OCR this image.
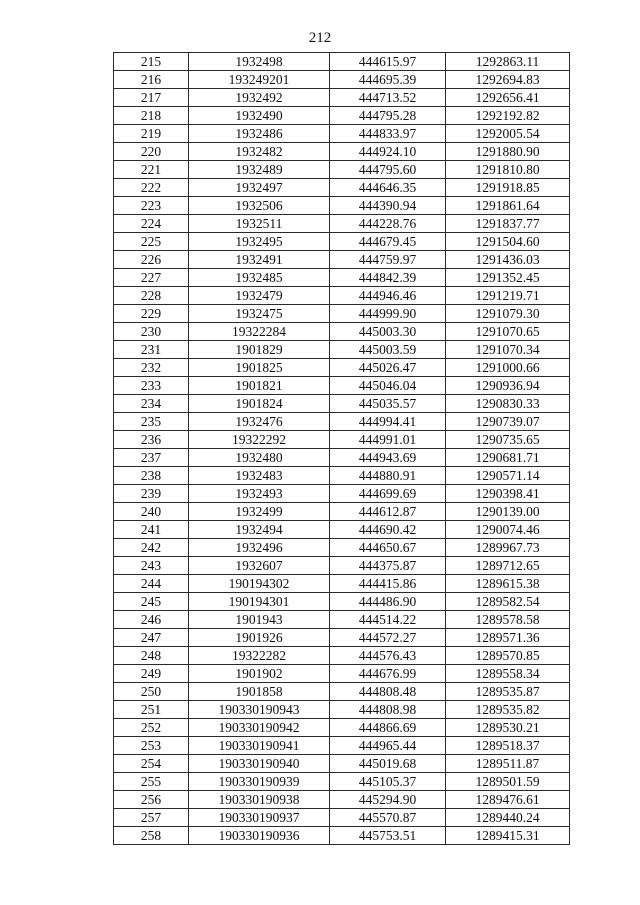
212
215	1932498	444615.97	1292863.11
216	193249201	444695.39	1292694.83
217	1932492	444713.52	1292656.41
218	1932490	444795.28	1292192.82
219	1932486	444833.97	1292005.54
220	1932482	444924.10	1291880.90
221	1932489	444795.60	1291810.80
222	1932497	444646.35	1291918.85
223	1932506	444390.94	1291861.64
224	1932511	444228.76	1291837.77
225	1932495	444679.45	1291504.60
226	1932491	444759.97	1291436.03
227	1932485	444842.39	1291352.45
228	1932479	444946.46	1291219.71
229	1932475	444999.90	1291079.30
230	19322284	445003.30	1291070.65
231	1901829	445003.59	1291070.34
232	1901825	445026.47	1291000.66
233	1901821	445046.04	1290936.94
234	1901824	445035.57	1290830.33
235	1932476	444994.41	1290739.07
236	19322292	444991.01	1290735.65
237	1932480	444943.69	1290681.71
238	1932483	444880.91	1290571.14
239	1932493	444699.69	1290398.41
240	1932499	444612.87	1290139.00
241	1932494	444690.42	1290074.46
242	1932496	444650.67	1289967.73
243	1932607	444375.87	1289712.65
244	190194302	444415.86	1289615.38
245	190194301	444486.90	1289582.54
246	1901943	444514.22	1289578.58
247	1901926	444572.27	1289571.36
248	19322282	444576.43	1289570.85
249	1901902	444676.99	1289558.34
250	1901858	444808.48	1289535.87
251	190330190943	444808.98	1289535.82
252	190330190942	444866.69	1289530.21
253	190330190941	444965.44	1289518.37
254	190330190940	445019.68	1289511.87
255	190330190939	445105.37	1289501.59
256	190330190938	445294.90	1289476.61
257	190330190937	445570.87	1289440.24
258	190330190936	445753.51	1289415.31
